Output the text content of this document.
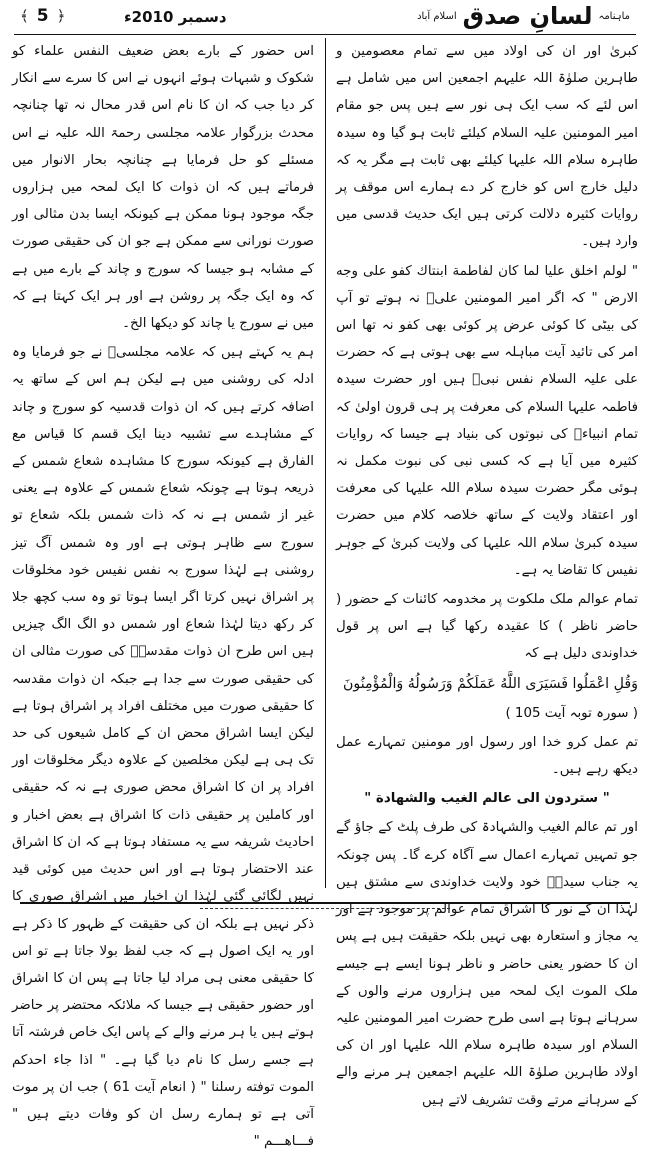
﴾ 5 ﴿	دسمبر 2010ء	ماہنامہ
لسانِ صدق
اسلام آباد

کبریٰ اور ان کی اولاد میں سے تمام معصومین و طاہرین صلوٰۃ اللہ علیہم اجمعین اس میں شامل ہے اس لئے کہ سب ایک ہی نور سے ہیں پس جو مقام امیر المومنین علیہ السلام کیلئے ثابت ہو گیا وہ سیدہ طاہرہ سلام اللہ علیہا کیلئے بھی ثابت ہے مگر یہ کہ دلیل خارج اس کو خارج کر دے ہمارے اس موقف پر روایات کثیرہ دلالت کرتی ہیں ایک حدیث قدسی میں وارد ہیں۔

" لولم اخلق علیا لما کان لفاطمة ابنتاك كفو على وجه الارض " کہ اگر امیر المومنین علیؑ نہ ہوتے تو آپ کی بیٹی کا کوئی عرض پر کوئی بھی کفو نہ تھا اس امر کی تائید آیت مباہلہ سے بھی ہوتی ہے کہ حضرت علی علیہ السلام نفس نبیؐ ہیں اور حضرت سیدہ فاطمہ علیہا السلام کی معرفت پر ہی قرون اولیٰ کہ تمام انبیاءؑ کی نبوتوں کی بنیاد ہے جیسا کہ روایات کثیرہ میں آیا ہے کہ کسی نبی کی نبوت مکمل نہ ہوئی مگر حضرت سیدہ سلام اللہ علیہا کی معرفت اور اعتقاد ولایت کے ساتھ خلاصہ کلام میں حضرت سیدہ کبریٰ سلام اللہ علیہا کی ولایت کبریٰ کے جوہر نفیس کا تقاضا یہ ہے۔

تمام عوالم ملک ملکوت پر مخدومہ کائنات کے حضور ( حاضر ناظر ) کا عقیدہ رکھا گیا ہے اس پر قول خداوندی دلیل ہے کہ

وَقُلِ اعْمَلُوا فَسَيَرَى اللَّهُ عَمَلَكُمْ وَرَسُولُهُ وَالْمُؤْمِنُونَ

( سورہ توبہ آیت 105 )

تم عمل کرو خدا اور رسول اور مومنین تمہارے عمل دیکھ رہے ہیں۔

" ستردون الى عالم الغيب والشهادة "

اور تم عالم الغیب والشہادۃ کی طرف پلٹ کے جاؤ گے جو تمہیں تمہارے اعمال سے آگاہ کرے گا۔ پس چونکہ یہ جناب سیدہؑ خود ولایت خداوندی سے مشتق ہیں لہٰذا ان کے نور کا اشراق تمام عوالم پر موجود ہے اور یہ مجاز و استعارہ بھی نہیں بلکہ حقیقت ہیں ہے پس ان کا حضور یعنی حاضر و ناظر ہونا ایسے ہے جیسے ملک الموت ایک لمحہ میں ہزاروں مرنے والوں کے سرہانے ہوتا ہے اسی طرح حضرت امیر المومنین علیہ السلام اور سیدہ طاہرہ سلام اللہ علیہا اور ان کی اولاد طاہرین صلوٰۃ اللہ علیہم اجمعین ہر مرنے والے کے سرہانے مرتے وقت تشریف لاتے ہیں

اس حضور کے بارے بعض ضعیف النفس علماء کو شکوک و شبہات ہوئے انہوں نے اس کا سرے سے انکار کر دیا جب کہ ان کا نام اس قدر محال نہ تھا چنانچہ محدث بزرگوار علامہ مجلسی رحمۃ اللہ علیہ نے اس مسئلے کو حل فرمایا ہے چنانچہ بحار الانوار میں فرماتے ہیں کہ ان ذوات کا ایک لمحہ میں ہزاروں جگہ موجود ہونا ممکن ہے کیونکہ ایسا بدن مثالی اور صورت نورانی سے ممکن ہے جو ان کی حقیقی صورت کے مشابہ ہو جیسا کہ سورج و چاند کے بارے میں ہے کہ وہ ایک جگہ پر روشن ہے اور ہر ایک کہتا ہے کہ میں نے سورج یا چاند کو دیکھا الخ۔

ہم یہ کہتے ہیں کہ علامہ مجلسیؒ نے جو فرمایا وہ ادلہ کی روشنی میں ہے لیکن ہم اس کے ساتھ یہ اضافہ کرتے ہیں کہ ان ذوات قدسیہ کو سورج و چاند کے مشاہدے سے تشبیہ دینا ایک قسم کا قیاس مع الفارق ہے کیونکہ سورج کا مشاہدہ شعاع شمس کے ذریعہ ہوتا ہے چونکہ شعاع شمس کے علاوہ ہے یعنی غیر از شمس ہے نہ کہ ذات شمس بلکہ شعاع تو سورج سے ظاہر ہوتی ہے اور وہ شمس آگ تیز روشنی ہے لہٰذا سورج بہ نفس نفیس خود مخلوقات پر اشراق نہیں کرتا اگر ایسا ہوتا تو وہ سب کچھ جلا کر رکھ دیتا لہٰذا شعاع اور شمس دو الگ الگ چیزیں ہیں اس طرح ان ذوات مقدسہؑ کی صورت مثالی ان کی حقیقی صورت سے جدا ہے جبکہ ان ذوات مقدسہ کا حقیقی صورت میں مختلف افراد پر اشراق ہوتا ہے لیکن ایسا اشراق محض ان کے کامل شیعوں کی حد تک ہی ہے لیکن مخلصین کے علاوہ دیگر مخلوقات اور افراد پر ان کا اشراق محض صوری ہے نہ کہ حقیقی اور کاملین پر حقیقی ذات کا اشراق ہے بعض اخبار و احادیث شریفہ سے یہ مستفاد ہوتا ہے کہ ان کا اشراق عند الاحتضار ہوتا ہے اور اس حدیث میں کوئی قید نہیں لگائی گئی لہٰذا ان اخبار میں اشراق صوری کا ذکر نہیں ہے بلکہ ان کی حقیقت کے ظہور کا ذکر ہے اور یہ ایک اصول ہے کہ جب لفظ بولا جاتا ہے تو اس کا حقیقی معنی ہی مراد لیا جاتا ہے پس ان کا اشراق اور حضور حقیقی ہے جیسا کہ ملائکہ محتضر پر حاضر ہوتے ہیں یا ہر مرنے والے کے پاس ایک خاص فرشتہ آتا ہے جسے رسل کا نام دیا گیا ہے۔ " اذا جاء احدکم الموت توفته رسلنا " ( انعام آیت 61 ) جب ان پر موت آتی ہے تو ہمارے رسل ان کو وفات دیتے ہیں " فـــاهـــم "
